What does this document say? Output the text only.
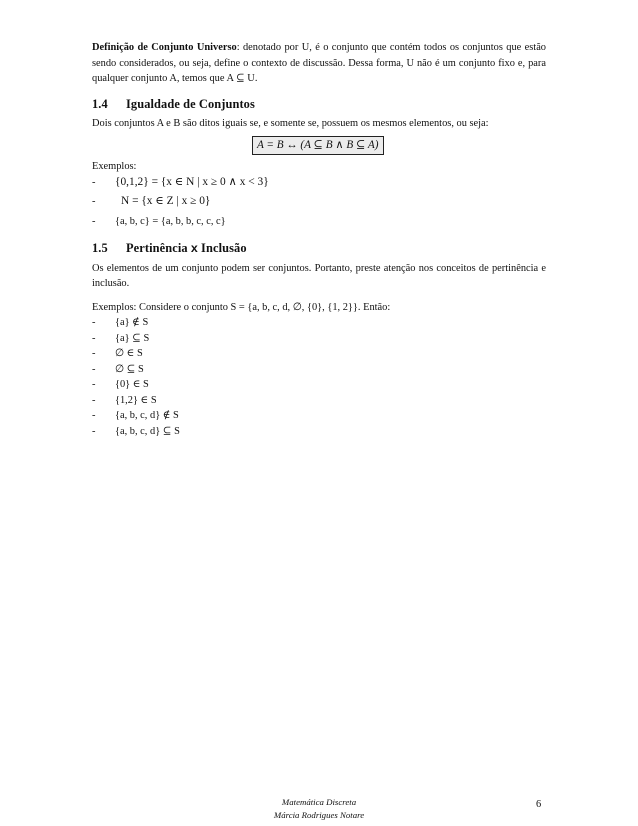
Definição de Conjunto Universo: denotado por U, é o conjunto que contém todos os conjuntos que estão sendo considerados, ou seja, define o contexto de discussão. Dessa forma, U não é um conjunto fixo e, para qualquer conjunto A, temos que A ⊆ U.

1.4 Igualdade de Conjuntos

Dois conjuntos A e B são ditos iguais se, e somente se, possuem os mesmos elementos, ou seja:

A = B ↔ (A ⊆ B ∧ B ⊆ A)

Exemplos:

-	{0,1,2} = {x ∈ N | x ≥ 0 ∧ x < 3}
-	N = {x ∈ Z | x ≥ 0}
-	{a, b, c} = {a, b, b, c, c, c}
1.5 Pertinência x Inclusão

Os elementos de um conjunto podem ser conjuntos. Portanto, preste atenção nos conceitos de pertinência e inclusão.

Exemplos: Considere o conjunto S = {a, b, c, d, ∅, {0}, {1, 2}}. Então:

-	{a} ∉ S
-	{a} ⊆ S
-	∅ ∈ S
-	∅ ⊆ S
-	{0} ∈ S
-	{1,2} ∈ S
-	{a, b, c, d} ∉ S
-	{a, b, c, d} ⊆ S
Matemática Discreta
Márcia Rodrigues Notare
6
